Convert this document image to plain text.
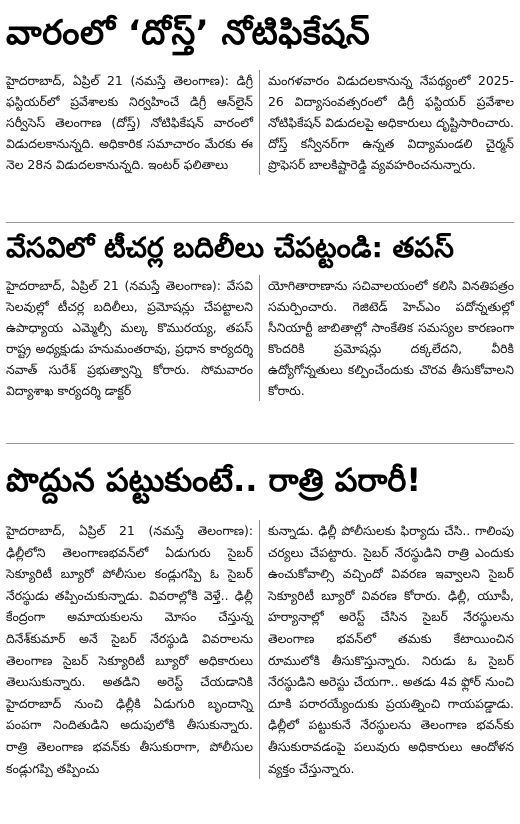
వారంలో ‘దోస్త్’ నోటిఫికేషన్

హైదరాబాద్, ఏప్రిల్ 21 (నమస్తే తెలంగాణ): డిగ్రీ ఫస్టియర్‌లో ప్రవేశాలకు నిర్వహించే డిగ్రీ ఆన్‌లైన్ సర్వీసెస్ తెలంగాణ (దోస్త్) నోటిఫికేషన్ వారంలో విడుదలకానున్నది. అధికారిక సమాచారం మేరకు ఈ నెల 28న విడుదలకానున్నది. ఇంటర్ ఫలితాలు

మంగళవారం విడుదలకానున్న నేపథ్యంలో 2025-26 విద్యాసంవత్సరంలో డిగ్రీ ఫస్టియర్ ప్రవేశాల నోటిఫికేషన్ విడుదలపై అధికారులు దృష్టిసారించారు. దోస్త్ కన్వీనర్‌గా ఉన్నత విద్యామండలి చైర్మన్ ప్రొఫెసర్ బాలకిష్టారెడ్డి వ్యవహరించనున్నారు.

వేసవిలో టీచర్ల బదిలీలు చేపట్టండి: తపస్

హైదరాబాద్, ఏప్రిల్ 21 (నమస్తే తెలంగాణ): వేసవి సెలవుల్లో టీచర్ల బదిలీలు, ప్రమోషన్లు చేపట్టాలని ఉపాధ్యాయ ఎమ్మెల్సీ మల్క కొమురయ్య, తపస్ రాష్ట్ర అధ్యక్షుడు హనుమంతరావు, ప్రధాన కార్యదర్శి నవాత్ సురేశ్ ప్రభుత్వాన్ని కోరారు. సోమవారం విద్యాశాఖ కార్యదర్శి డాక్టర్

యోగితారాణాను సచివాలయంలో కలిసి వినతిపత్రం సమర్పించారు. గెజిటెడ్ హెచ్‌ఎం పదోన్నతుల్లో సీనియార్టీ జాబితాల్లో సాంకేతిక సమస్యల కారణంగా కొందరికి ప్రమోషన్లు దక్కలేదని, వీరికి ఉద్యోగోన్నతులు కల్పించేందుకు చొరవ తీసుకోవాలని కోరారు.

పొద్దున పట్టుకుంటే.. రాత్రి పరారీ!

హైదరాబాద్, ఏప్రిల్ 21 (నమస్తే తెలంగాణ): ఢిల్లీలోని తెలంగాణభవన్‌లో ఏడుగురు సైబర్ సెక్యూరిటీ బ్యూరో పోలీసుల కండ్లుగప్పి ఓ సైబర్ నేరస్థుడు తప్పించుకున్నాడు. వివరాల్లోకి వెళ్తే.. ఢిల్లీ కేంద్రంగా అమాయకులను మోసం చేస్తున్న దినేశ్‌కుమార్ అనే సైబర్ నేరస్థుడి వివరాలను తెలంగాణ సైబర్ సెక్యూరిటీ బ్యూరో అధికారులు తెలుసుకున్నారు. అతడిని అరెస్ట్ చేయడానికి హైదరాబాద్ నుంచి ఢిల్లీకి ఏడుగురి బృందాన్ని పంపగా నిందితుడిని అదుపులోకి తీసుకున్నారు. రాత్రి తెలంగాణ భవన్‌కు తీసుకురాగా, పోలీసుల కండ్లుగప్పి తప్పించు

కున్నాడు. ఢిల్లీ పోలీసులకు ఫిర్యాదు చేసి.. గాలింపు చర్యలు చేపట్టారు. సైబర్ నేరస్థుడిని రాత్రి ఎందుకు ఉంచుకోవాల్సి వచ్చిందో వివరణ ఇవ్వాలని సైబర్ సెక్యూరిటీ బ్యూరో వివరణ కోరారు. ఢిల్లీ, యూపీ, హర్యానాల్లో అరెస్ట్ చేసిన సైబర్ నేరస్థులను తెలంగాణ భవన్‌లో తమకు కేటాయించిన రూములోకి తీసుకొస్తున్నారు. నిరుడు ఓ సైబర్ నేరస్థుడిని అరెస్టు చేయగా.. అతడు 4వ ఫ్లోర్ నుంచి దూకి పరారయ్యేందుకు ప్రయత్నించి గాయపడ్డాడు. ఢిల్లీలో పట్టుకునే నేరస్థులను తెలంగాణ భవన్‌కు తీసుకురావడంపై పలువురు అధికారులు ఆందోళన వ్యక్తం చేస్తున్నారు.
